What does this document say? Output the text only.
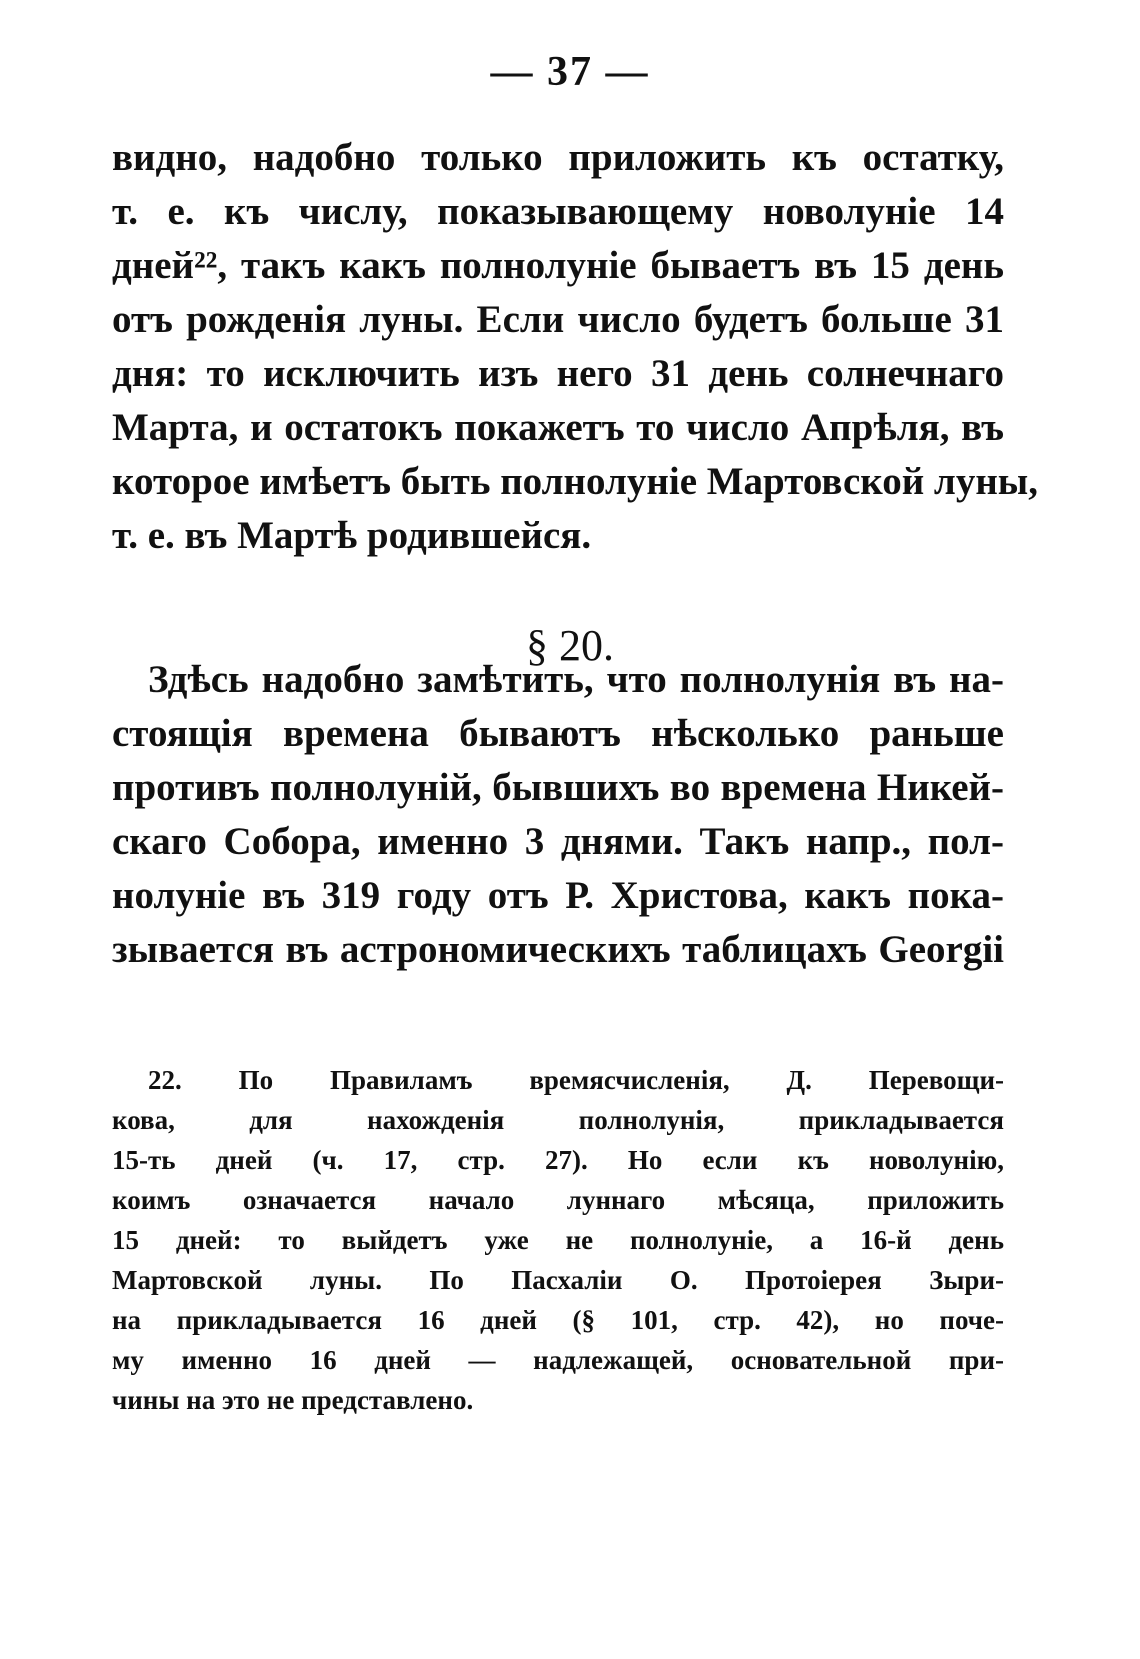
— 37 —
видно, надобно только приложить къ остатку,
т. е. къ числу, показывающему новолуніе 14
дней²², такъ какъ полнолуніе бываетъ въ 15 день
отъ рожденія луны. Если число будетъ больше 31
дня: то исключить изъ него 31 день солнечнаго
Марта, и остатокъ покажетъ то число Апрѣля, въ
которое имѣетъ быть полнолуніе Мартовской луны,
т. е. въ Мартѣ родившейся.
§ 20.
Здѣсь надобно замѣтить, что полнолунія въ на-
стоящія времена бываютъ нѣсколько раньше
противъ полнолуній, бывшихъ во времена Никей-
скаго Собора, именно 3 днями. Такъ напр., пол-
нолуніе въ 319 году отъ Р. Христова, какъ пока-
зывается въ астрономическихъ таблицахъ Georgii
22. По Правиламъ времясчисленія, Д. Перевощи-
кова, для нахожденія полнолунія, прикладывается
15-ть дней (ч. 17, стр. 27). Но если къ новолунію,
коимъ означается начало луннаго мѣсяца, приложить
15 дней: то выйдетъ уже не полнолуніе, а 16-й день
Мартовской луны. По Пасхаліи О. Протоіерея Зыри-
на прикладывается 16 дней (§ 101, стр. 42), но поче-
му именно 16 дней — надлежащей, основательной при-
чины на это не представлено.
